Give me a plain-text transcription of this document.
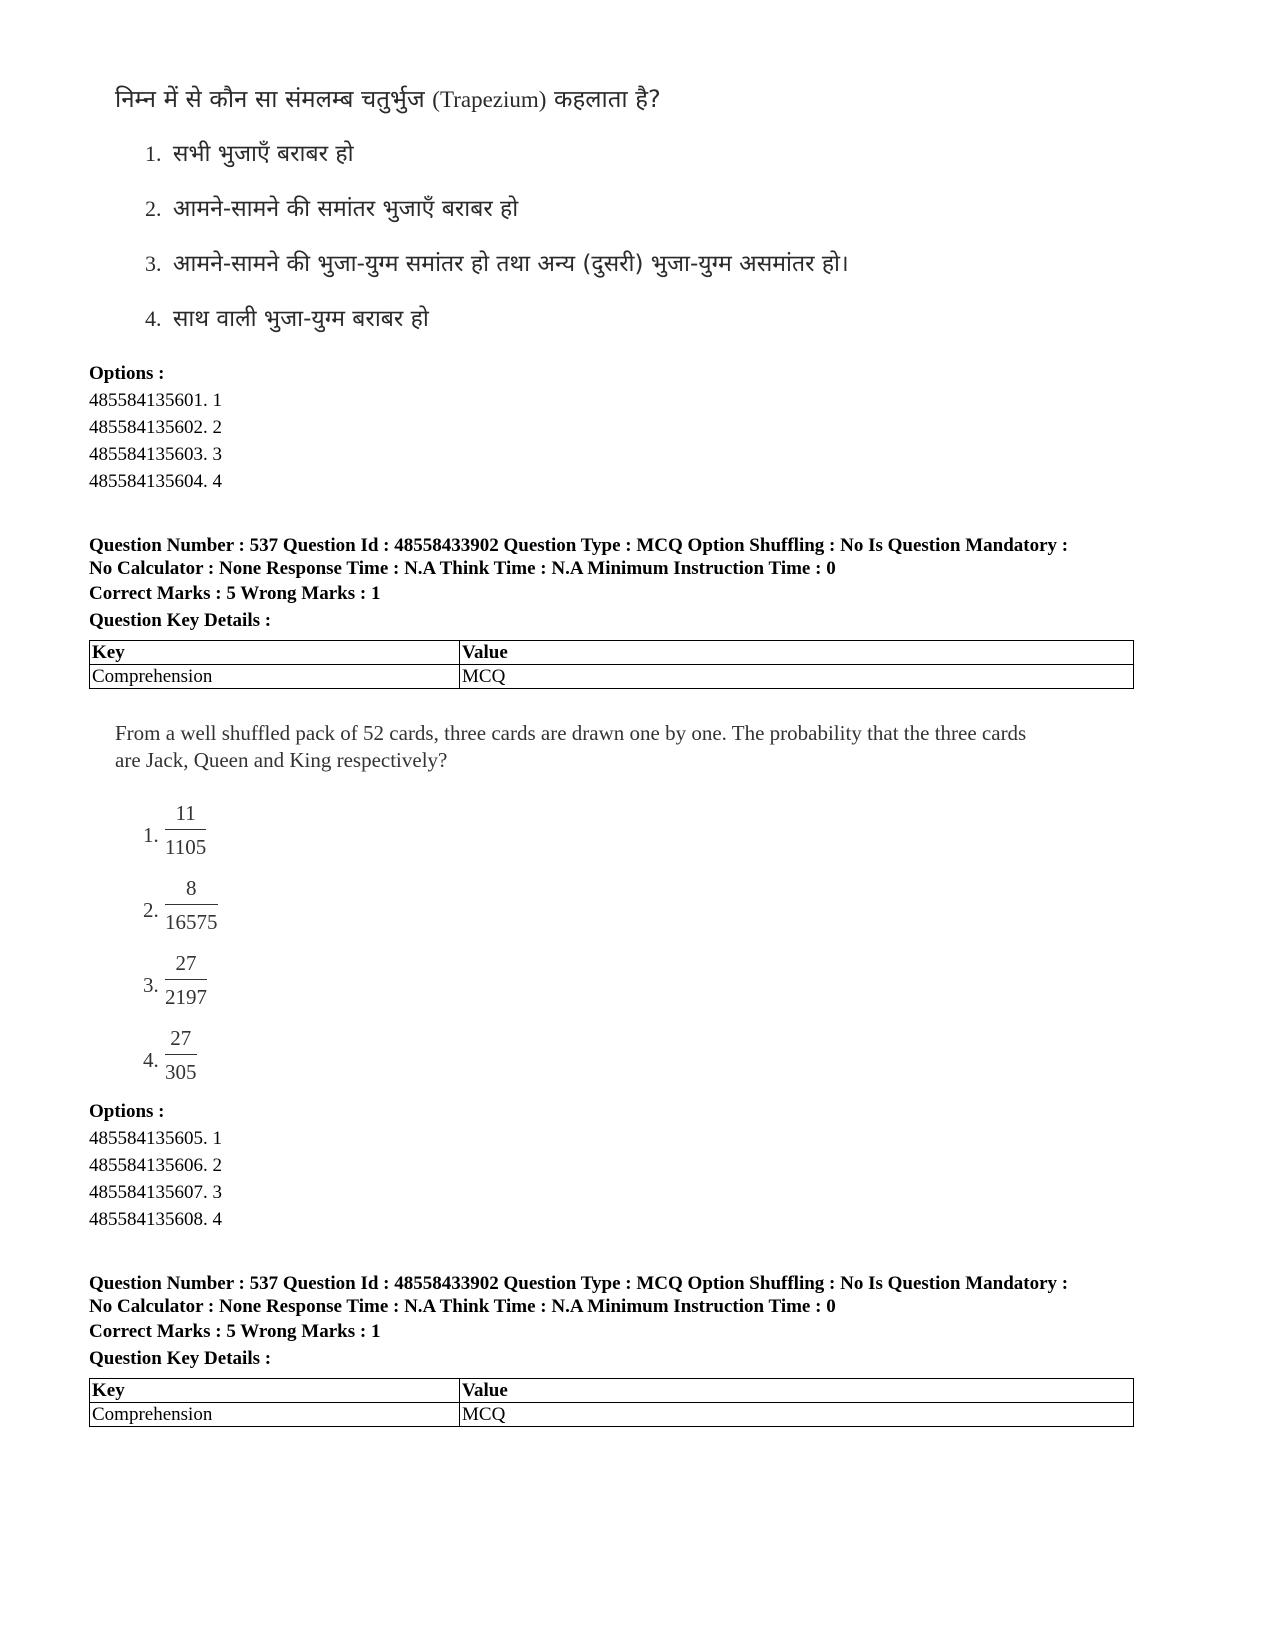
निम्न में से कौन सा संमलम्ब चतुर्भुज (Trapezium) कहलाता है?
1. सभी भुजाएँ बराबर हो
2. आमने-सामने की समांतर भुजाएँ बराबर हो
3. आमने-सामने की भुजा-युग्म समांतर हो तथा अन्य (दुसरी) भुजा-युग्म असमांतर हो।
4. साथ वाली भुजा-युग्म बराबर हो
Options :
485584135601. 1
485584135602. 2
485584135603. 3
485584135604. 4
Question Number : 537 Question Id : 48558433902 Question Type : MCQ Option Shuffling : No Is Question Mandatory :
No Calculator : None Response Time : N.A Think Time : N.A Minimum Instruction Time : 0
Correct Marks : 5 Wrong Marks : 1
Question Key Details :
Key	Value
Comprehension	MCQ
From a well shuffled pack of 52 cards, three cards are drawn one by one. The probability that the three cards
are Jack, Queen and King respectively?
1.
11
1105
2.
8
16575
3.
27
2197
4.
27
305
Options :
485584135605. 1
485584135606. 2
485584135607. 3
485584135608. 4
Question Number : 537 Question Id : 48558433902 Question Type : MCQ Option Shuffling : No Is Question Mandatory :
No Calculator : None Response Time : N.A Think Time : N.A Minimum Instruction Time : 0
Correct Marks : 5 Wrong Marks : 1
Question Key Details :
Key	Value
Comprehension	MCQ
